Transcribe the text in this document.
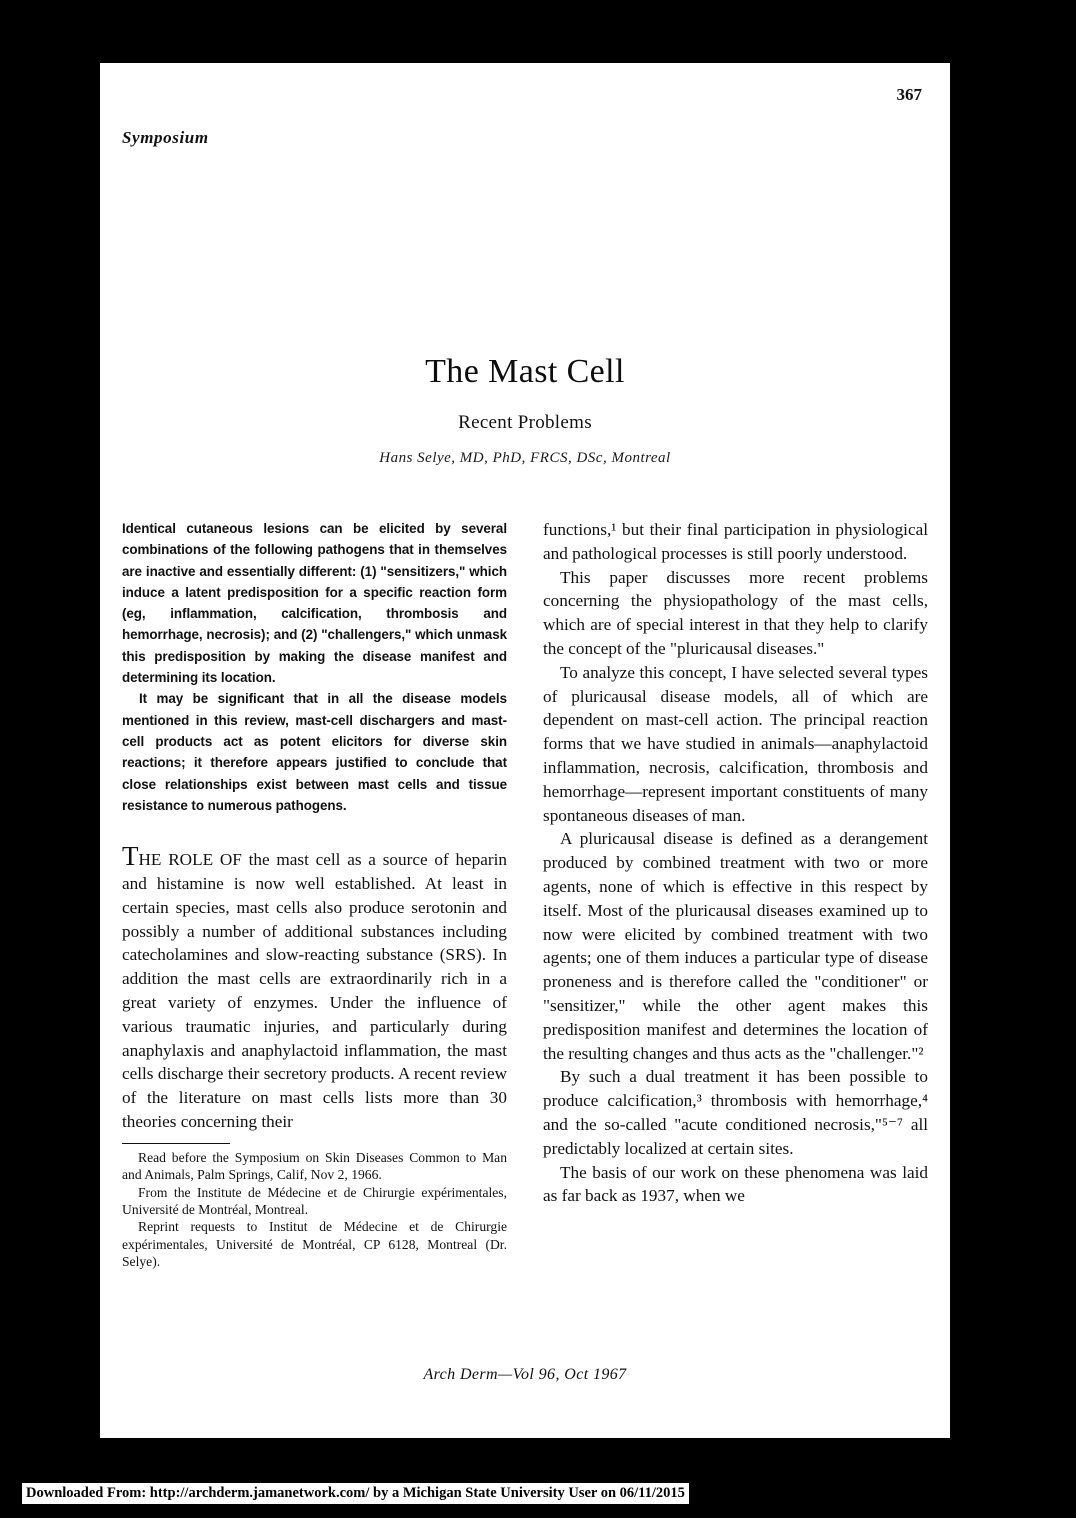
367
Symposium
The Mast Cell
Recent Problems
Hans Selye, MD, PhD, FRCS, DSc, Montreal

Identical cutaneous lesions can be elicited by several combinations of the following pathogens that in themselves are inactive and essentially different: (1) "sensitizers," which induce a latent predisposition for a specific reaction form (eg, inflammation, calcification, thrombosis and hemorrhage, necrosis); and (2) "challengers," which unmask this predisposition by making the disease manifest and determining its location.

It may be significant that in all the disease models mentioned in this review, mast-cell dischargers and mast-cell products act as potent elicitors for diverse skin reactions; it therefore appears justified to conclude that close relationships exist between mast cells and tissue resistance to numerous pathogens.

THE ROLE OF the mast cell as a source of heparin and histamine is now well established. At least in certain species, mast cells also produce serotonin and possibly a number of additional substances including catecholamines and slow-reacting substance (SRS). In addition the mast cells are extraordinarily rich in a great variety of enzymes. Under the influence of various traumatic injuries, and particularly during anaphylaxis and anaphylactoid inflammation, the mast cells discharge their secretory products. A recent review of the literature on mast cells lists more than 30 theories concerning their

Read before the Symposium on Skin Diseases Common to Man and Animals, Palm Springs, Calif, Nov 2, 1966.

From the Institute de Médecine et de Chirurgie expérimentales, Université de Montréal, Montreal.

Reprint requests to Institut de Médecine et de Chirurgie expérimentales, Université de Montréal, CP 6128, Montreal (Dr. Selye).

functions,¹ but their final participation in physiological and pathological processes is still poorly understood.

This paper discusses more recent problems concerning the physiopathology of the mast cells, which are of special interest in that they help to clarify the concept of the "pluricausal diseases."

To analyze this concept, I have selected several types of pluricausal disease models, all of which are dependent on mast-cell action. The principal reaction forms that we have studied in animals—anaphylactoid inflammation, necrosis, calcification, thrombosis and hemorrhage—represent important constituents of many spontaneous diseases of man.

A pluricausal disease is defined as a derangement produced by combined treatment with two or more agents, none of which is effective in this respect by itself. Most of the pluricausal diseases examined up to now were elicited by combined treatment with two agents; one of them induces a particular type of disease proneness and is therefore called the "conditioner" or "sensitizer," while the other agent makes this predisposition manifest and determines the location of the resulting changes and thus acts as the "challenger."²

By such a dual treatment it has been possible to produce calcification,³ thrombosis with hemorrhage,⁴ and the so-called "acute conditioned necrosis,"⁵⁻⁷ all predictably localized at certain sites.

The basis of our work on these phenomena was laid as far back as 1937, when we

Arch Derm—Vol 96, Oct 1967
Downloaded From: http://archderm.jamanetwork.com/ by a Michigan State University User on 06/11/2015
